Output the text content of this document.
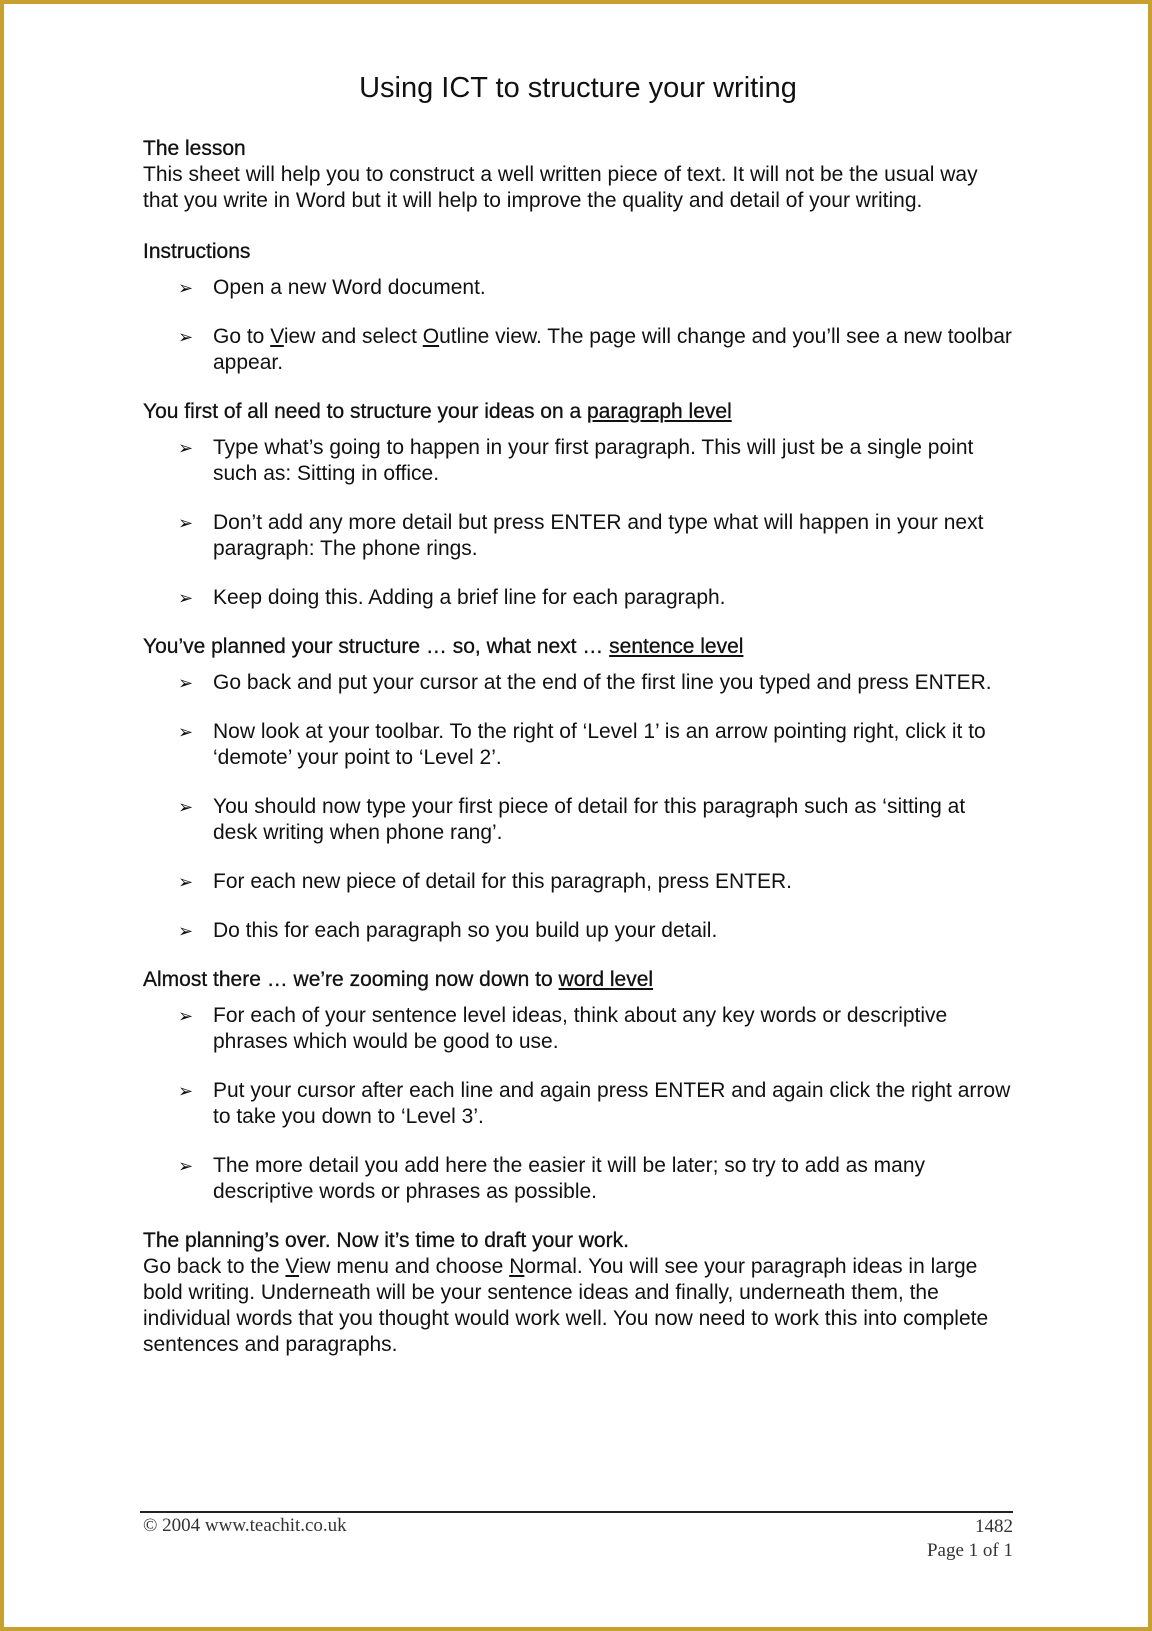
Using ICT to structure your writing

The lesson

This sheet will help you to construct a well written piece of text. It will not be the usual way that you write in Word but it will help to improve the quality and detail of your writing.

Instructions

➢ Open a new Word document.
➢ Go to View and select Outline view. The page will change and you’ll see a new toolbar appear.

You first of all need to structure your ideas on a paragraph level

➢ Type what’s going to happen in your first paragraph. This will just be a single point such as: Sitting in office.
➢ Don’t add any more detail but press ENTER and type what will happen in your next paragraph: The phone rings.
➢ Keep doing this. Adding a brief line for each paragraph.

You’ve planned your structure … so, what next … sentence level

➢ Go back and put your cursor at the end of the first line you typed and press ENTER.
➢ Now look at your toolbar. To the right of ‘Level 1’ is an arrow pointing right, click it to ‘demote’ your point to ‘Level 2’.
➢ You should now type your first piece of detail for this paragraph such as ‘sitting at desk writing when phone rang’.
➢ For each new piece of detail for this paragraph, press ENTER.
➢ Do this for each paragraph so you build up your detail.

Almost there … we’re zooming now down to word level

➢ For each of your sentence level ideas, think about any key words or descriptive phrases which would be good to use.
➢ Put your cursor after each line and again press ENTER and again click the right arrow to take you down to ‘Level 3’.
➢ The more detail you add here the easier it will be later; so try to add as many descriptive words or phrases as possible.

The planning’s over. Now it’s time to draft your work.

Go back to the View menu and choose Normal. You will see your paragraph ideas in large bold writing. Underneath will be your sentence ideas and finally, underneath them, the individual words that you thought would work well. You now need to work this into complete sentences and paragraphs.

© 2004 www.teachit.co.uk	1482
Page 1 of 1
